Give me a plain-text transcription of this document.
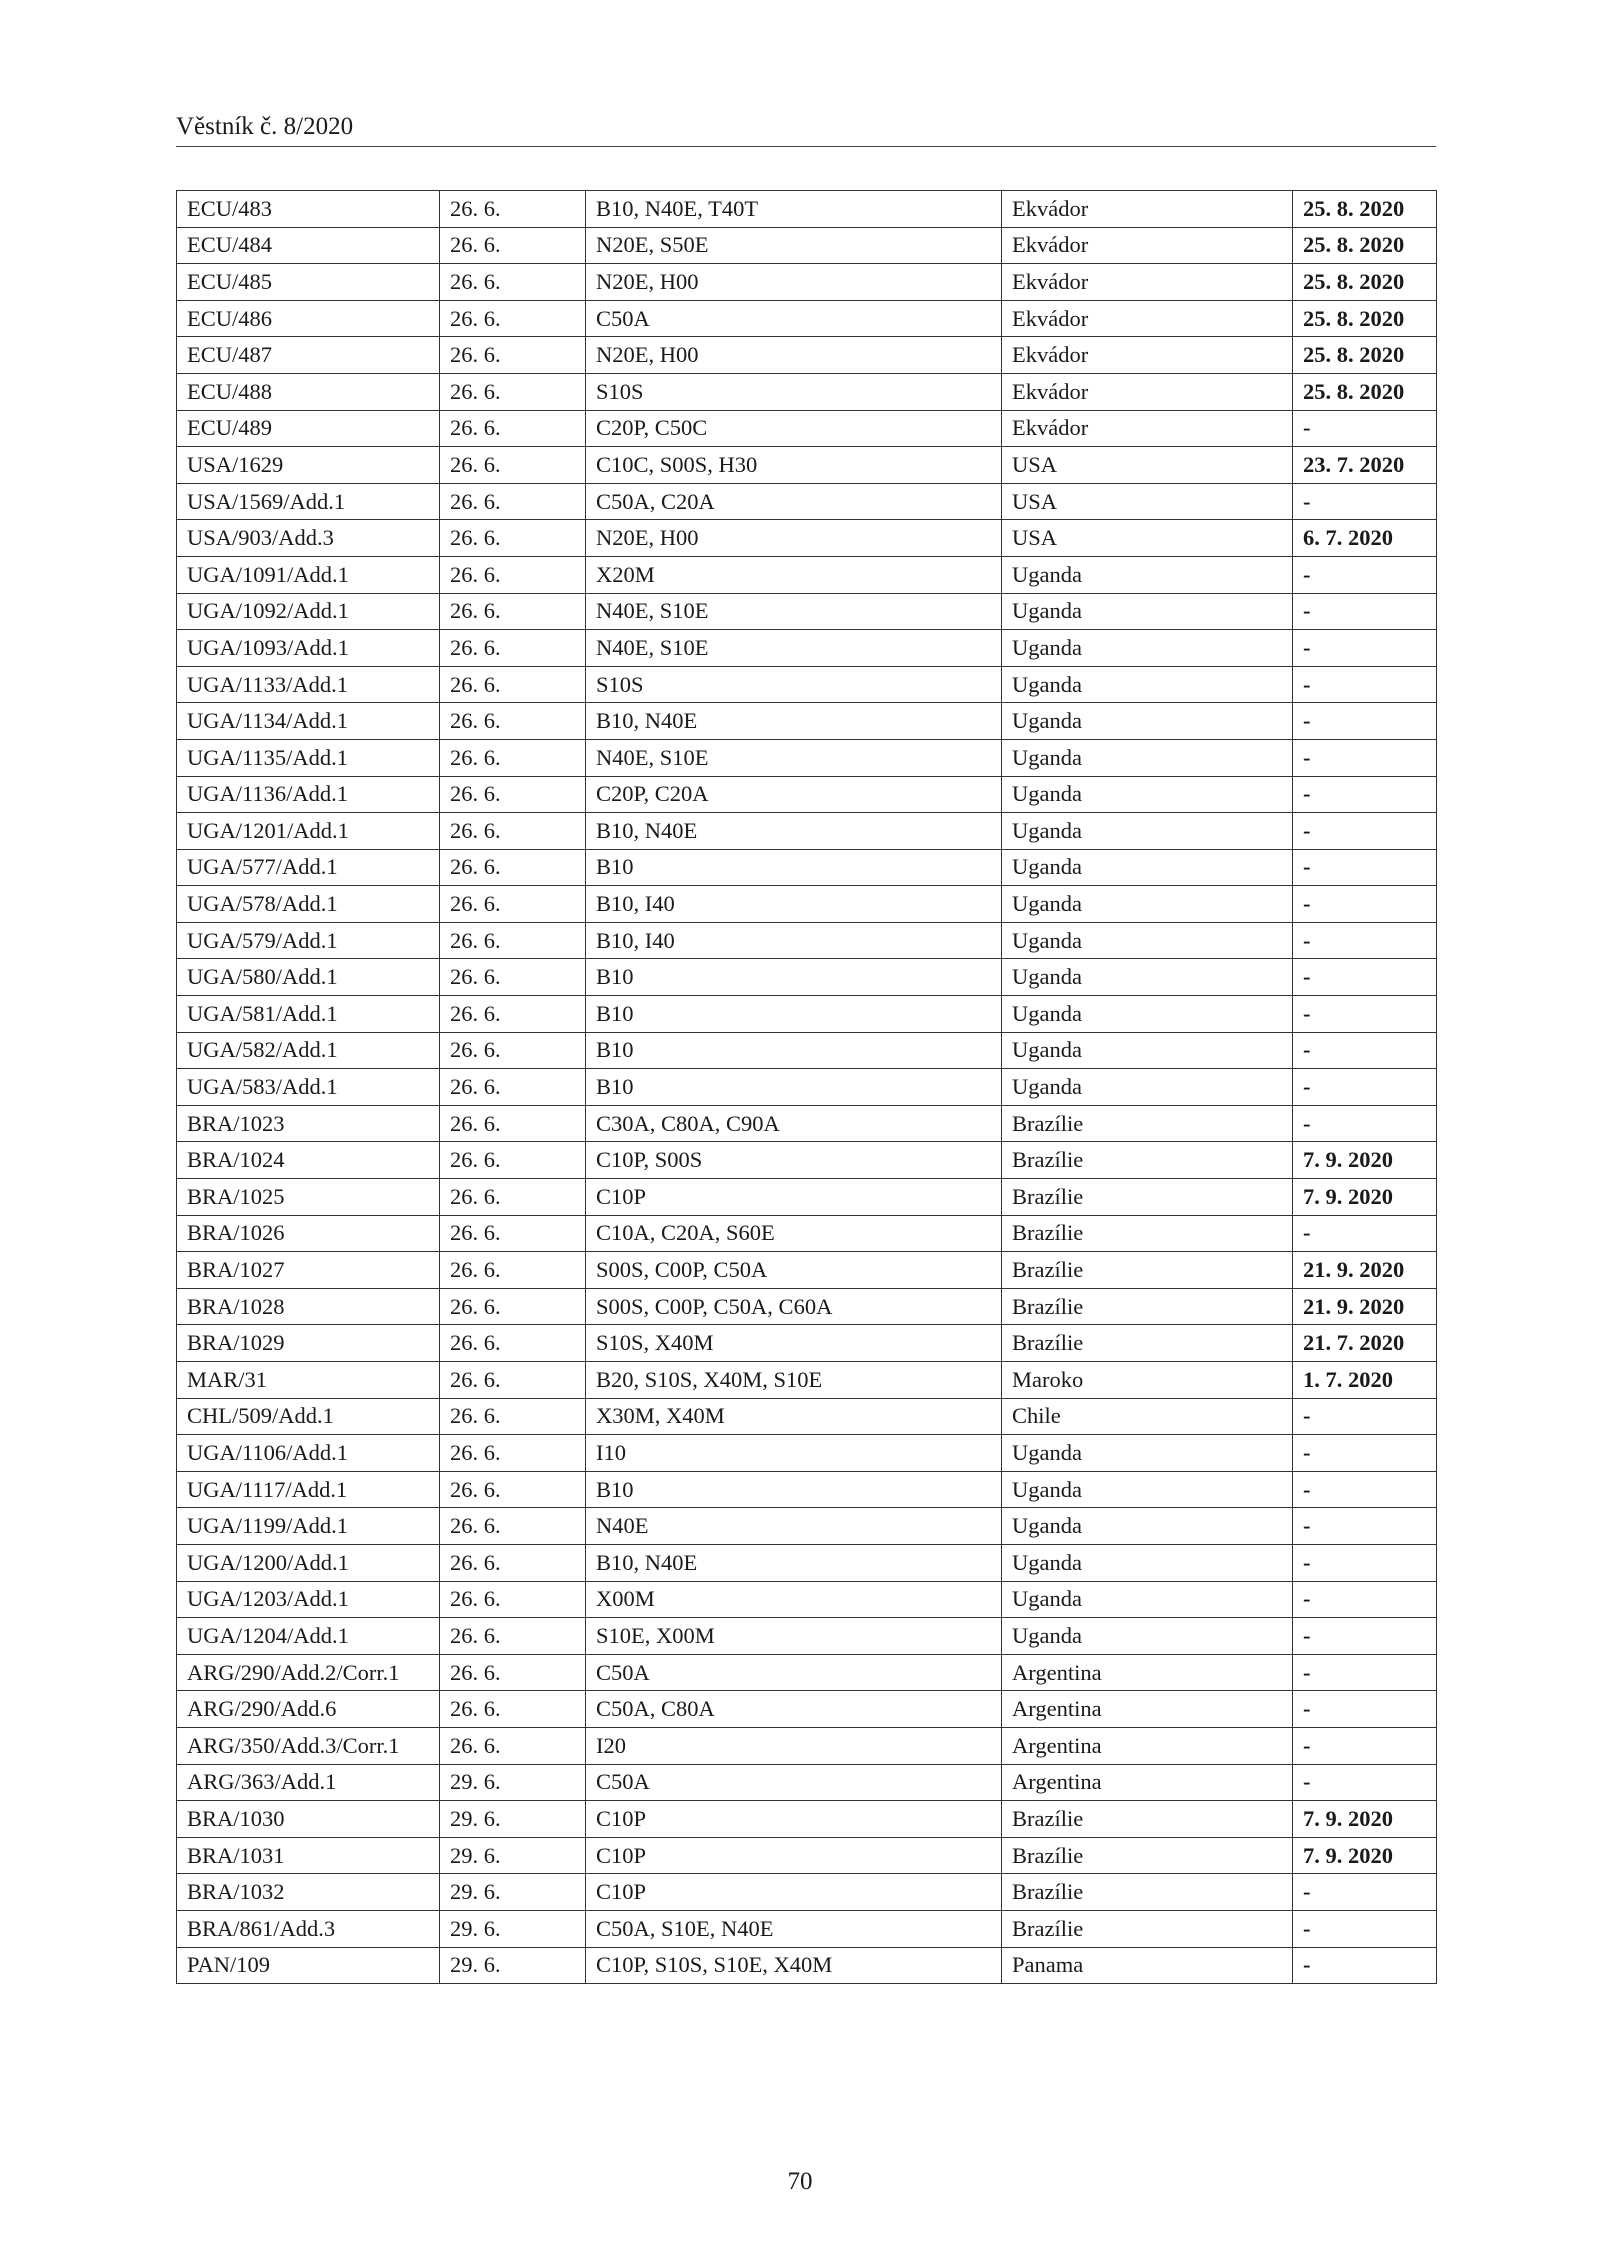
Věstník č. 8/2020
ECU/483	26. 6.	B10, N40E, T40T	Ekvádor	25. 8. 2020
ECU/484	26. 6.	N20E, S50E	Ekvádor	25. 8. 2020
ECU/485	26. 6.	N20E, H00	Ekvádor	25. 8. 2020
ECU/486	26. 6.	C50A	Ekvádor	25. 8. 2020
ECU/487	26. 6.	N20E, H00	Ekvádor	25. 8. 2020
ECU/488	26. 6.	S10S	Ekvádor	25. 8. 2020
ECU/489	26. 6.	C20P, C50C	Ekvádor	-
USA/1629	26. 6.	C10C, S00S, H30	USA	23. 7. 2020
USA/1569/Add.1	26. 6.	C50A, C20A	USA	-
USA/903/Add.3	26. 6.	N20E, H00	USA	6. 7. 2020
UGA/1091/Add.1	26. 6.	X20M	Uganda	-
UGA/1092/Add.1	26. 6.	N40E, S10E	Uganda	-
UGA/1093/Add.1	26. 6.	N40E, S10E	Uganda	-
UGA/1133/Add.1	26. 6.	S10S	Uganda	-
UGA/1134/Add.1	26. 6.	B10, N40E	Uganda	-
UGA/1135/Add.1	26. 6.	N40E, S10E	Uganda	-
UGA/1136/Add.1	26. 6.	C20P, C20A	Uganda	-
UGA/1201/Add.1	26. 6.	B10, N40E	Uganda	-
UGA/577/Add.1	26. 6.	B10	Uganda	-
UGA/578/Add.1	26. 6.	B10, I40	Uganda	-
UGA/579/Add.1	26. 6.	B10, I40	Uganda	-
UGA/580/Add.1	26. 6.	B10	Uganda	-
UGA/581/Add.1	26. 6.	B10	Uganda	-
UGA/582/Add.1	26. 6.	B10	Uganda	-
UGA/583/Add.1	26. 6.	B10	Uganda	-
BRA/1023	26. 6.	C30A, C80A, C90A	Brazílie	-
BRA/1024	26. 6.	C10P, S00S	Brazílie	7. 9. 2020
BRA/1025	26. 6.	C10P	Brazílie	7. 9. 2020
BRA/1026	26. 6.	C10A, C20A, S60E	Brazílie	-
BRA/1027	26. 6.	S00S, C00P, C50A	Brazílie	21. 9. 2020
BRA/1028	26. 6.	S00S, C00P, C50A, C60A	Brazílie	21. 9. 2020
BRA/1029	26. 6.	S10S, X40M	Brazílie	21. 7. 2020
MAR/31	26. 6.	B20, S10S, X40M, S10E	Maroko	1. 7. 2020
CHL/509/Add.1	26. 6.	X30M, X40M	Chile	-
UGA/1106/Add.1	26. 6.	I10	Uganda	-
UGA/1117/Add.1	26. 6.	B10	Uganda	-
UGA/1199/Add.1	26. 6.	N40E	Uganda	-
UGA/1200/Add.1	26. 6.	B10, N40E	Uganda	-
UGA/1203/Add.1	26. 6.	X00M	Uganda	-
UGA/1204/Add.1	26. 6.	S10E, X00M	Uganda	-
ARG/290/Add.2/Corr.1	26. 6.	C50A	Argentina	-
ARG/290/Add.6	26. 6.	C50A, C80A	Argentina	-
ARG/350/Add.3/Corr.1	26. 6.	I20	Argentina	-
ARG/363/Add.1	29. 6.	C50A	Argentina	-
BRA/1030	29. 6.	C10P	Brazílie	7. 9. 2020
BRA/1031	29. 6.	C10P	Brazílie	7. 9. 2020
BRA/1032	29. 6.	C10P	Brazílie	-
BRA/861/Add.3	29. 6.	C50A, S10E, N40E	Brazílie	-
PAN/109	29. 6.	C10P, S10S, S10E, X40M	Panama	-
70
